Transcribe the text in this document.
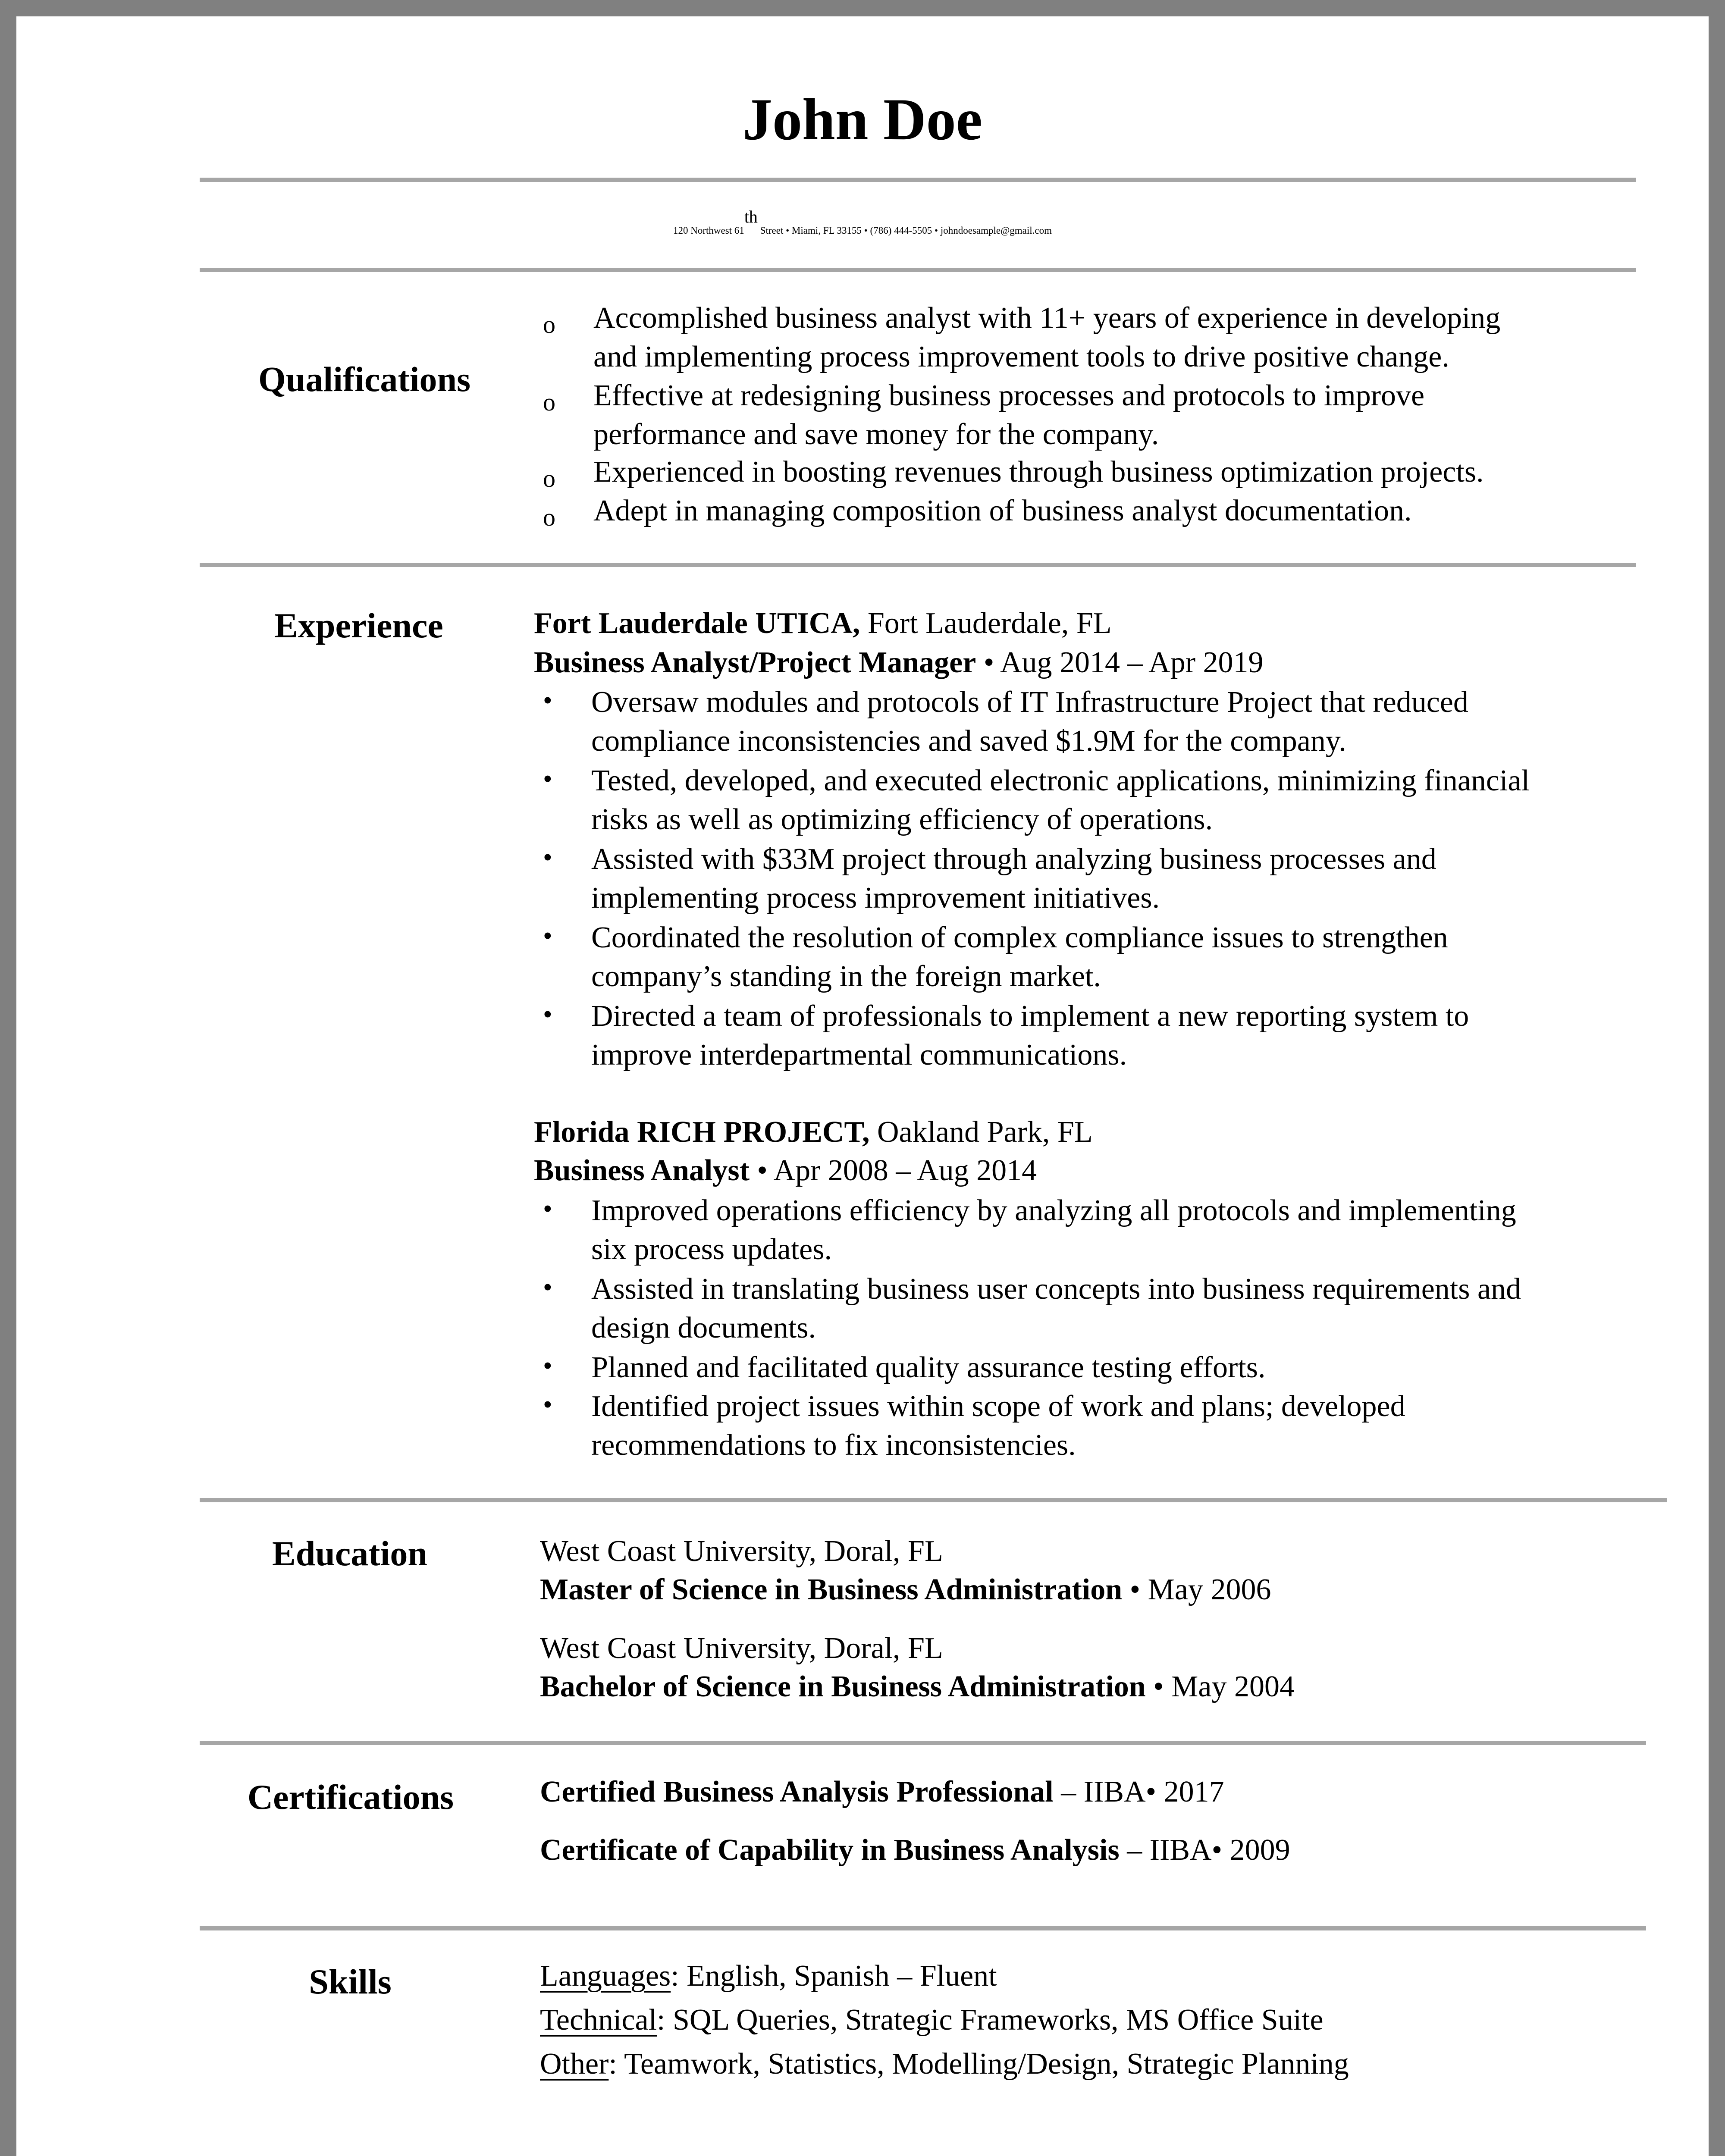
John Doe
120 Northwest 61th Street • Miami, FL 33155 • (786) 444-5505 • johndoesample@gmail.com
Qualifications
o Accomplished business analyst with 11+ years of experience in developing
and implementing process improvement tools to drive positive change.
o Effective at redesigning business processes and protocols to improve
performance and save money for the company.
o Experienced in boosting revenues through business optimization projects.
o Adept in managing composition of business analyst documentation.
Experience	Fort Lauderdale UTICA, Fort Lauderdale, FL
Business Analyst/Project Manager • Aug 2014 – Apr 2019
• Oversaw modules and protocols of IT Infrastructure Project that reduced
compliance inconsistencies and saved $1.9M for the company.
• Tested, developed, and executed electronic applications, minimizing financial
risks as well as optimizing efficiency of operations.
• Assisted with $33M project through analyzing business processes and
implementing process improvement initiatives.
• Coordinated the resolution of complex compliance issues to strengthen
company’s standing in the foreign market.
• Directed a team of professionals to implement a new reporting system to
improve interdepartmental communications.
Florida RICH PROJECT, Oakland Park, FL
Business Analyst • Apr 2008 – Aug 2014
• Improved operations efficiency by analyzing all protocols and implementing
six process updates.
• Assisted in translating business user concepts into business requirements and
design documents.
• Planned and facilitated quality assurance testing efforts.
• Identified project issues within scope of work and plans; developed
recommendations to fix inconsistencies.
Education	West Coast University, Doral, FL
Master of Science in Business Administration • May 2006
West Coast University, Doral, FL
Bachelor of Science in Business Administration • May 2004
Certifications	Certified Business Analysis Professional – IIBA• 2017
Certificate of Capability in Business Analysis – IIBA• 2009
Skills	Languages: English, Spanish – Fluent
Technical: SQL Queries, Strategic Frameworks, MS Office Suite
Other: Teamwork, Statistics, Modelling/Design, Strategic Planning
